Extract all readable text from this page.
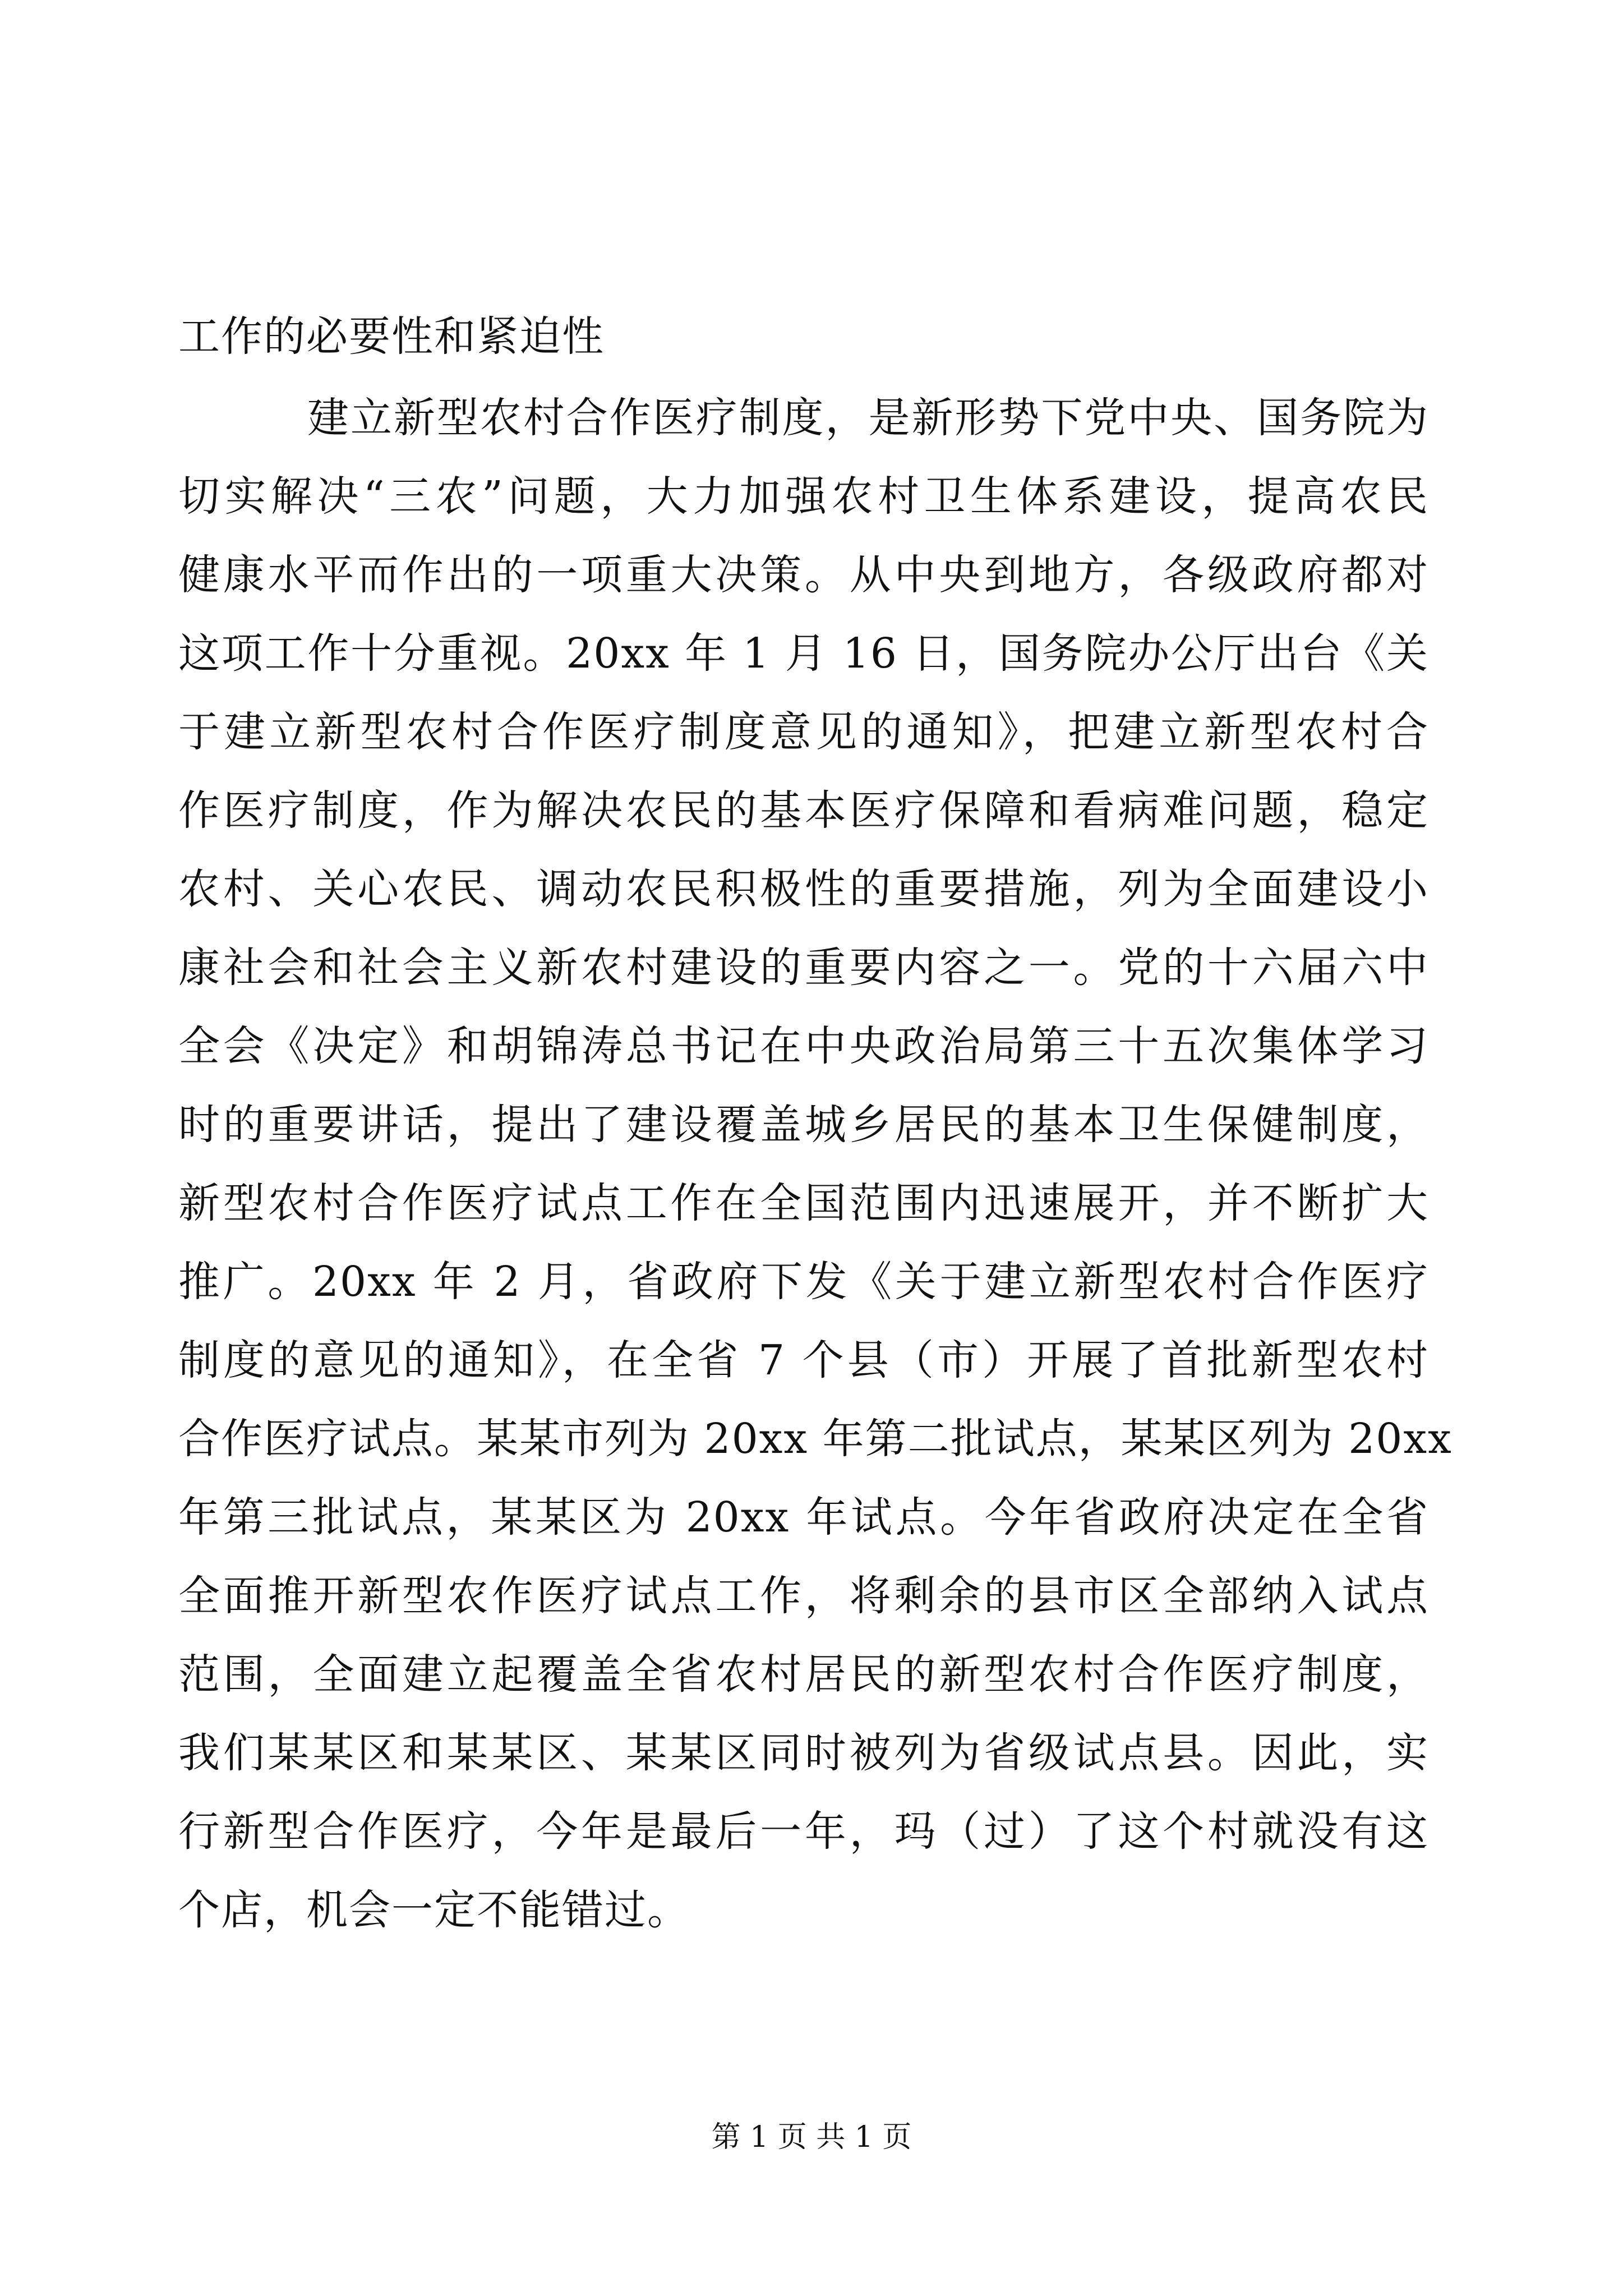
工作的必要性和紧迫性

建立新型农村合作医疗制度，是新形势下党中央、国务院为
切实解决“三农”问题，大力加强农村卫生体系建设，提高农民
健康水平而作出的一项重大决策。从中央到地方，各级政府都对
这项工作十分重视。20xx 年 1 月 16 日，国务院办公厅出台《关
于建立新型农村合作医疗制度意见的通知》，把建立新型农村合
作医疗制度，作为解决农民的基本医疗保障和看病难问题，稳定
农村、关心农民、调动农民积极性的重要措施，列为全面建设小
康社会和社会主义新农村建设的重要内容之一。党的十六届六中
全会《决定》和胡锦涛总书记在中央政治局第三十五次集体学习
时的重要讲话，提出了建设覆盖城乡居民的基本卫生保健制度，
新型农村合作医疗试点工作在全国范围内迅速展开，并不断扩大
推广。20xx 年 2 月，省政府下发《关于建立新型农村合作医疗
制度的意见的通知》，在全省 7 个县（市）开展了首批新型农村
合作医疗试点。某某市列为 20xx 年第二批试点，某某区列为 20xx
年第三批试点，某某区为 20xx 年试点。今年省政府决定在全省
全面推开新型农作医疗试点工作，将剩余的县市区全部纳入试点
范围，全面建立起覆盖全省农村居民的新型农村合作医疗制度，
我们某某区和某某区、某某区同时被列为省级试点县。因此，实
行新型合作医疗，今年是最后一年，玛（过）了这个村就没有这
个店，机会一定不能错过。
第 1 页 共 1 页
